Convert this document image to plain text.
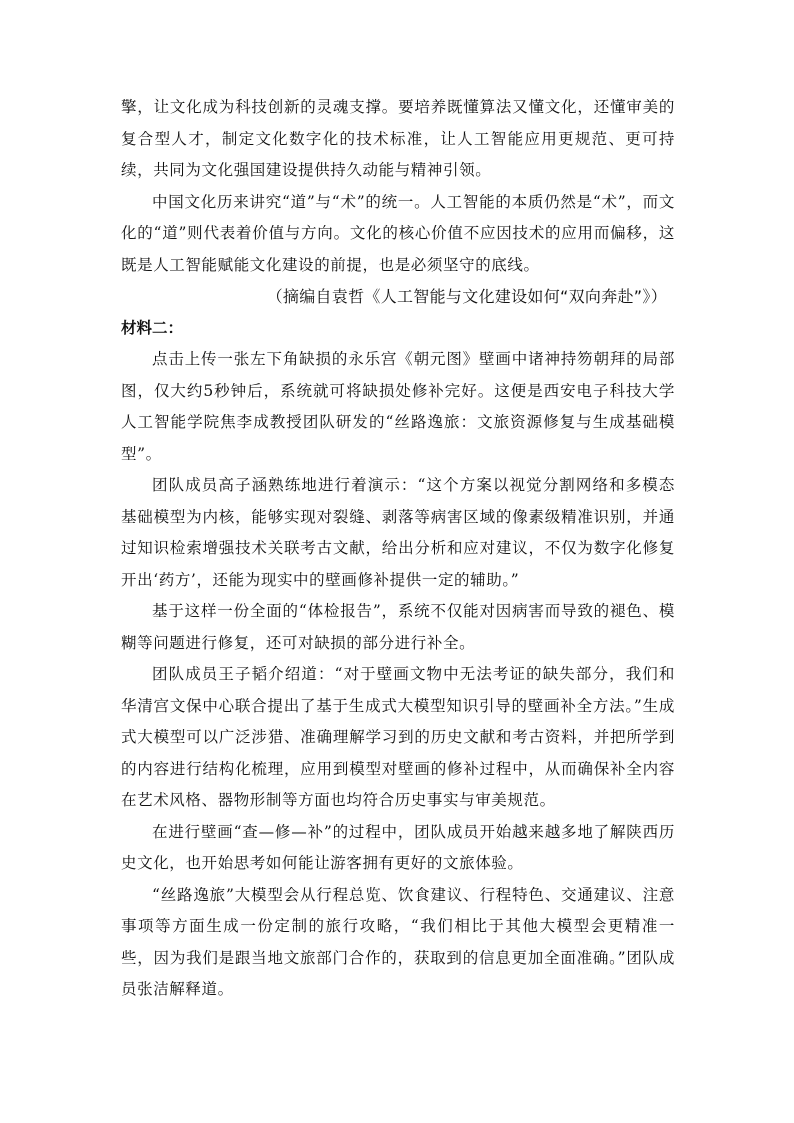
擎，让文化成为科技创新的灵魂支撑。要培养既懂算法又懂文化，还懂审美的复合型人才，制定文化数字化的技术标准，让人工智能应用更规范、更可持续，共同为文化强国建设提供持久动能与精神引领。

中国文化历来讲究“道”与“术”的统一。人工智能的本质仍然是“术”，而文化的“道”则代表着价值与方向。文化的核心价值不应因技术的应用而偏移，这既是人工智能赋能文化建设的前提，也是必须坚守的底线。

（摘编自袁哲《人工智能与文化建设如何“双向奔赴”》）

材料二：

点击上传一张左下角缺损的永乐宫《朝元图》壁画中诸神持笏朝拜的局部图，仅大约5秒钟后，系统就可将缺损处修补完好。这便是西安电子科技大学人工智能学院焦李成教授团队研发的“丝路逸旅：文旅资源修复与生成基础模型”。

团队成员高子涵熟练地进行着演示：“这个方案以视觉分割网络和多模态基础模型为内核，能够实现对裂缝、剥落等病害区域的像素级精准识别，并通过知识检索增强技术关联考古文献，给出分析和应对建议，不仅为数字化修复开出‘药方’，还能为现实中的壁画修补提供一定的辅助。”

基于这样一份全面的“体检报告”，系统不仅能对因病害而导致的褪色、模糊等问题进行修复，还可对缺损的部分进行补全。

团队成员王子韬介绍道：“对于壁画文物中无法考证的缺失部分，我们和华清宫文保中心联合提出了基于生成式大模型知识引导的壁画补全方法。”生成式大模型可以广泛涉猎、准确理解学习到的历史文献和考古资料，并把所学到的内容进行结构化梳理，应用到模型对壁画的修补过程中，从而确保补全内容在艺术风格、器物形制等方面也均符合历史事实与审美规范。

在进行壁画“查—修—补”的过程中，团队成员开始越来越多地了解陕西历史文化，也开始思考如何能让游客拥有更好的文旅体验。

“丝路逸旅”大模型会从行程总览、饮食建议、行程特色、交通建议、注意事项等方面生成一份定制的旅行攻略，“我们相比于其他大模型会更精准一些，因为我们是跟当地文旅部门合作的，获取到的信息更加全面准确。”团队成员张洁解释道。
